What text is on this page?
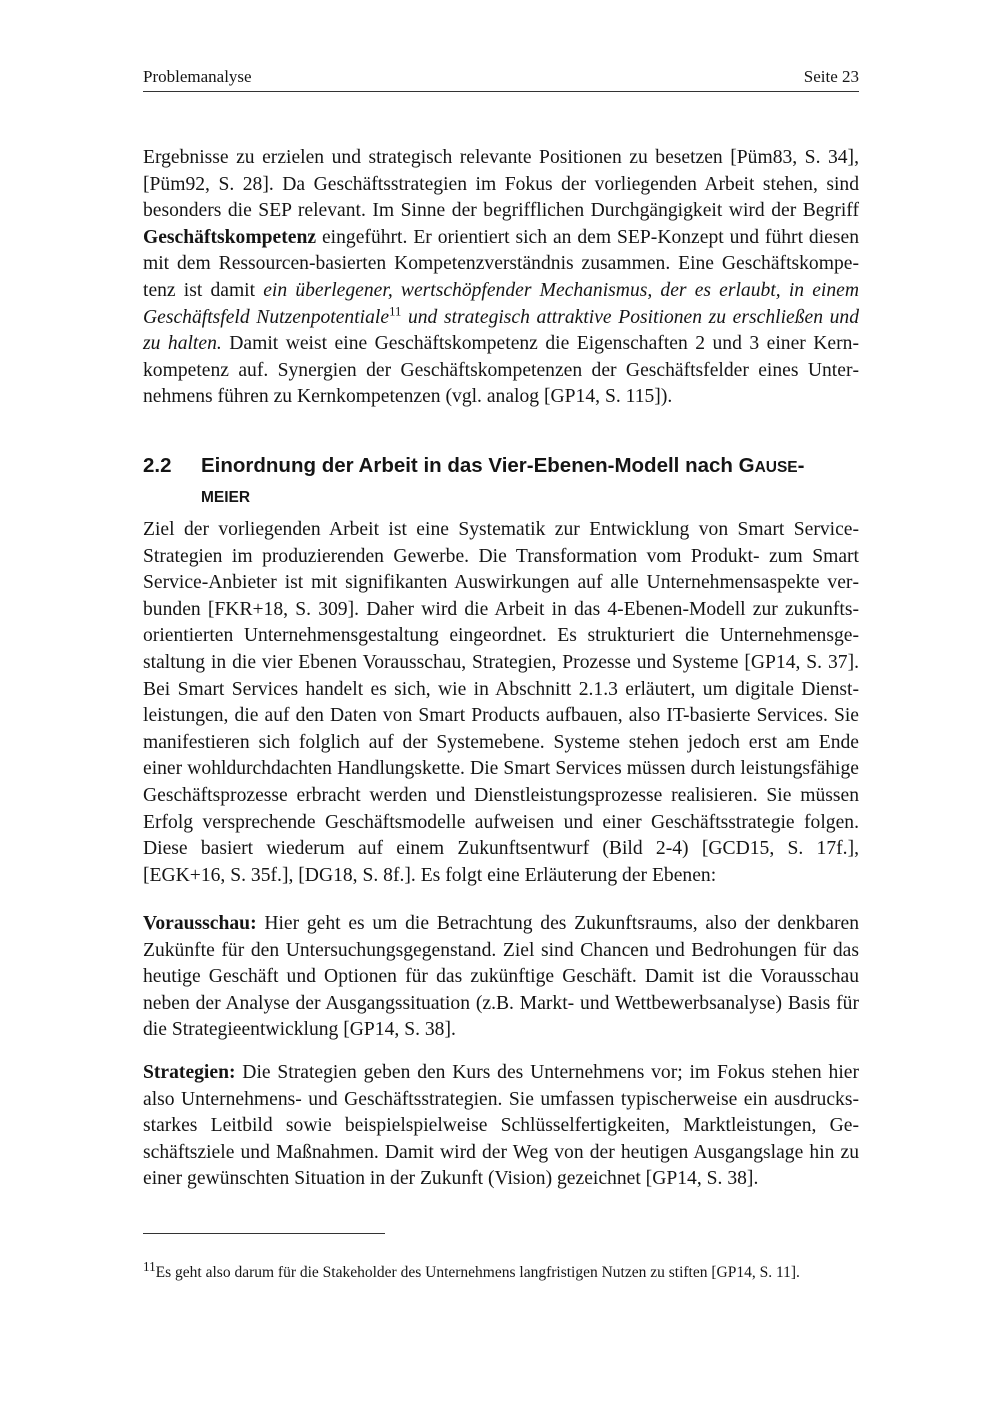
Problemanalyse	Seite 23

Ergebnisse zu erzielen und strategisch relevante Positionen zu besetzen [Püm83, S. 34], [Püm92, S. 28]. Da Geschäftsstrategien im Fokus der vorliegenden Arbeit stehen, sind besonders die SEP relevant. Im Sinne der begrifflichen Durchgängigkeit wird der Begriff Geschäftskompetenz eingeführt. Er orientiert sich an dem SEP-Konzept und führt diesen mit dem Ressourcen-basierten Kompetenzverständnis zusammen. Eine Geschäftskompetenz ist damit ein überlegener, wertschöpfender Mechanismus, der es erlaubt, in einem Geschäftsfeld Nutzenpotentiale$^{11}$ und strategisch attraktive Positionen zu erschließen und zu halten. Damit weist eine Geschäftskompetenz die Eigenschaften 2 und 3 einer Kernkompetenz auf. Synergien der Geschäftskompetenzen der Geschäftsfelder eines Unternehmens führen zu Kernkompetenzen (vgl. analog [GP14, S. 115]).

2.2	Einordnung der Arbeit in das Vier-Ebenen-Modell nach GAUSE-
MEIER

Ziel der vorliegenden Arbeit ist eine Systematik zur Entwicklung von Smart Service-Strategien im produzierenden Gewerbe. Die Transformation vom Produkt- zum Smart Service-Anbieter ist mit signifikanten Auswirkungen auf alle Unternehmensaspekte verbunden [FKR+18, S. 309]. Daher wird die Arbeit in das 4-Ebenen-Modell zur zukunftsorientierten Unternehmensgestaltung eingeordnet. Es strukturiert die Unternehmensgestaltung in die vier Ebenen Vorausschau, Strategien, Prozesse und Systeme [GP14, S. 37]. Bei Smart Services handelt es sich, wie in Abschnitt 2.1.3 erläutert, um digitale Dienstleistungen, die auf den Daten von Smart Products aufbauen, also IT-basierte Services. Sie manifestieren sich folglich auf der Systemebene. Systeme stehen jedoch erst am Ende einer wohldurchdachten Handlungskette. Die Smart Services müssen durch leistungsfähige Geschäftsprozesse erbracht werden und Dienstleistungsprozesse realisieren. Sie müssen Erfolg versprechende Geschäftsmodelle aufweisen und einer Geschäftsstrategie folgen. Diese basiert wiederum auf einem Zukunftsentwurf (Bild 2-4) [GCD15, S. 17f.], [EGK+16, S. 35f.], [DG18, S. 8f.]. Es folgt eine Erläuterung der Ebenen:

Vorausschau: Hier geht es um die Betrachtung des Zukunftsraums, also der denkbaren Zukünfte für den Untersuchungsgegenstand. Ziel sind Chancen und Bedrohungen für das heutige Geschäft und Optionen für das zukünftige Geschäft. Damit ist die Vorausschau neben der Analyse der Ausgangssituation (z.B. Markt- und Wettbewerbsanalyse) Basis für die Strategieentwicklung [GP14, S. 38].

Strategien: Die Strategien geben den Kurs des Unternehmens vor; im Fokus stehen hier also Unternehmens- und Geschäftsstrategien. Sie umfassen typischerweise ein ausdrucksstarkes Leitbild sowie beispielspielweise Schlüsselfertigkeiten, Marktleistungen, Geschäftsziele und Maßnahmen. Damit wird der Weg von der heutigen Ausgangslage hin zu einer gewünschten Situation in der Zukunft (Vision) gezeichnet [GP14, S. 38].

$^{11}$Es geht also darum für die Stakeholder des Unternehmens langfristigen Nutzen zu stiften [GP14, S. 11].
